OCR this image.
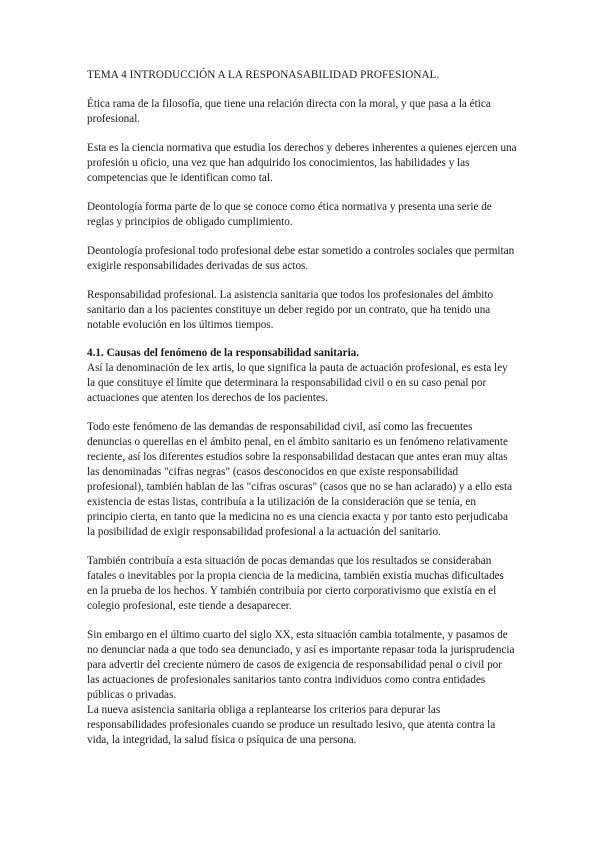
TEMA 4 INTRODUCCIÓN A LA RESPONASABILIDAD PROFESIONAL.

Ética rama de la filosofía, que tiene una relación directa con la moral, y que pasa a la ética profesional.

Esta es la ciencia normativa que estudia los derechos y deberes inherentes a quienes ejercen una profesión u oficio, una vez que han adquirido los conocimientos, las habilidades y las competencias que le identifican como tal.

Deontología forma parte de lo que se conoce como ética normativa y presenta una serie de reglas y principios de obligado cumplimiento.

Deontología profesional todo profesional debe estar sometido a controles sociales que permitan exigirle responsabilidades derivadas de sus actos.

Responsabilidad profesional. La asistencia sanitaria que todos los profesionales del ámbito sanitario dan a los pacientes constituye un deber regido por un contrato, que ha tenido una notable evolución en los últimos tiempos.

4.1. Causas del fenómeno de la responsabilidad sanitaria.

Así la denominación de lex artis, lo que significa la pauta de actuación profesional, es esta ley la que constituye el límite que determinara la responsabilidad civil o en su caso penal por actuaciones que atenten los derechos de los pacientes.

Todo este fenómeno de las demandas de responsabilidad civil, así como las frecuentes denuncias o querellas en el ámbito penal, en el ámbito sanitario es un fenómeno relativamente reciente, así los diferentes estudios sobre la responsabilidad destacan que antes eran muy altas las denominadas "cifras negras" (casos desconocidos en que existe responsabilidad profesional), también hablan de las "cifras oscuras" (casos que no se han aclarado) y a ello esta existencia de estas listas, contribuía a la utilización de la consideración que se tenía, en principio cierta, en tanto que la medicina no es una ciencia exacta y por tanto esto perjudicaba la posibilidad de exigir responsabilidad profesional a la actuación del sanitario.

También contribuía a esta situación de pocas demandas que los resultados se consideraban fatales o inevitables por la propia ciencia de la medicina, también existía muchas dificultades en la prueba de los hechos. Y también contribuía por cierto corporativismo que existía en el colegio profesional, este tiende a desaparecer.

Sin embargo en el último cuarto del siglo XX, esta situación cambia totalmente, y pasamos de no denunciar nada a que todo sea denunciado, y así es importante repasar toda la jurisprudencia para advertir del creciente número de casos de exigencia de responsabilidad penal o civil por las actuaciones de profesionales sanitarios tanto contra individuos como contra entidades públicas o privadas.

La nueva asistencia sanitaria obliga a replantearse los criterios para depurar las responsabilidades profesionales cuando se produce un resultado lesivo, que atenta contra la vida, la integridad, la salud física o psíquica de una persona.
